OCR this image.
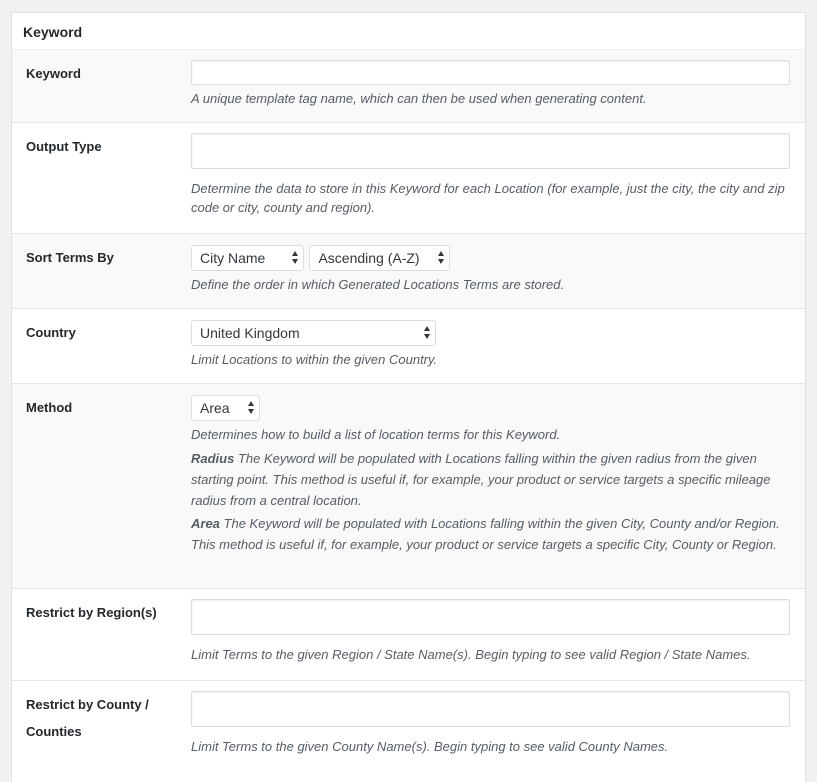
Keyword
Keyword
A unique template tag name, which can then be used when generating content.
Output Type
Determine the data to store in this Keyword for each Location (for example, just the city, the city and zip code or city, county and region).
Sort Terms By	City Name	Ascending (A-Z)
Define the order in which Generated Locations Terms are stored.
Country	United Kingdom
Limit Locations to within the given Country.
Method	Area
Determines how to build a list of location terms for this Keyword.
Radius The Keyword will be populated with Locations falling within the given radius from the given starting point. This method is useful if, for example, your product or service targets a specific mileage radius from a central location.
Area The Keyword will be populated with Locations falling within the given City, County and/or Region. This method is useful if, for example, your product or service targets a specific City, County or Region.
Restrict by Region(s)
Limit Terms to the given Region / State Name(s). Begin typing to see valid Region / State Names.
Restrict by County / Counties
Limit Terms to the given County Name(s). Begin typing to see valid County Names.
